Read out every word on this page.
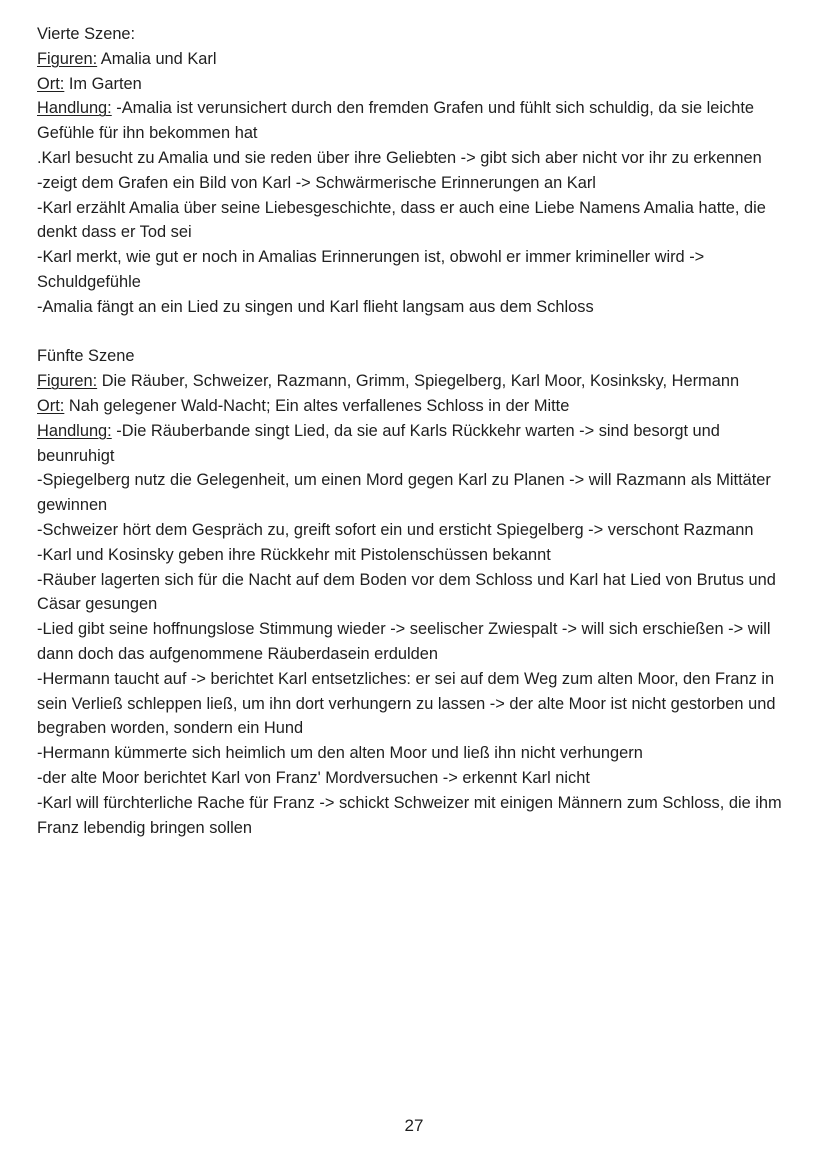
Vierte Szene:

Figuren: Amalia und Karl

Ort: Im Garten

Handlung: -Amalia ist verunsichert durch den fremden Grafen und fühlt sich schuldig, da sie leichte Gefühle für ihn bekommen hat

.Karl besucht zu Amalia und sie reden über ihre Geliebten -> gibt sich aber nicht vor ihr zu erkennen

-zeigt dem Grafen ein Bild von Karl -> Schwärmerische Erinnerungen an Karl

-Karl erzählt Amalia über seine Liebesgeschichte, dass er auch eine Liebe Namens Amalia hatte, die denkt dass er Tod sei

-Karl merkt, wie gut er noch in Amalias Erinnerungen ist, obwohl er immer krimineller wird -> Schuldgefühle

-Amalia fängt an ein Lied zu singen und Karl flieht langsam aus dem Schloss

Fünfte Szene

Figuren: Die Räuber, Schweizer, Razmann, Grimm, Spiegelberg, Karl Moor, Kosinksky, Hermann

Ort: Nah gelegener Wald-Nacht; Ein altes verfallenes Schloss in der Mitte

Handlung: -Die Räuberbande singt Lied, da sie auf Karls Rückkehr warten -> sind besorgt und beunruhigt

-Spiegelberg nutz die Gelegenheit, um einen Mord gegen Karl zu Planen -> will Razmann als Mittäter gewinnen

-Schweizer hört dem Gespräch zu, greift sofort ein und ersticht Spiegelberg -> verschont Razmann

-Karl und Kosinsky geben ihre Rückkehr mit Pistolenschüssen bekannt

-Räuber lagerten sich für die Nacht auf dem Boden vor dem Schloss und Karl hat Lied von Brutus und Cäsar gesungen

-Lied gibt seine hoffnungslose Stimmung wieder -> seelischer Zwiespalt -> will sich erschießen -> will dann doch das aufgenommene Räuberdasein erdulden

-Hermann taucht auf -> berichtet Karl entsetzliches: er sei auf dem Weg zum alten Moor, den Franz in sein Verließ schleppen ließ, um ihn dort verhungern zu lassen -> der alte Moor ist nicht gestorben und begraben worden, sondern ein Hund

-Hermann kümmerte sich heimlich um den alten Moor und ließ ihn nicht verhungern

-der alte Moor berichtet Karl von Franz' Mordversuchen -> erkennt Karl nicht

-Karl will fürchterliche Rache für Franz -> schickt Schweizer mit einigen Männern zum Schloss, die ihm Franz lebendig bringen sollen

27
